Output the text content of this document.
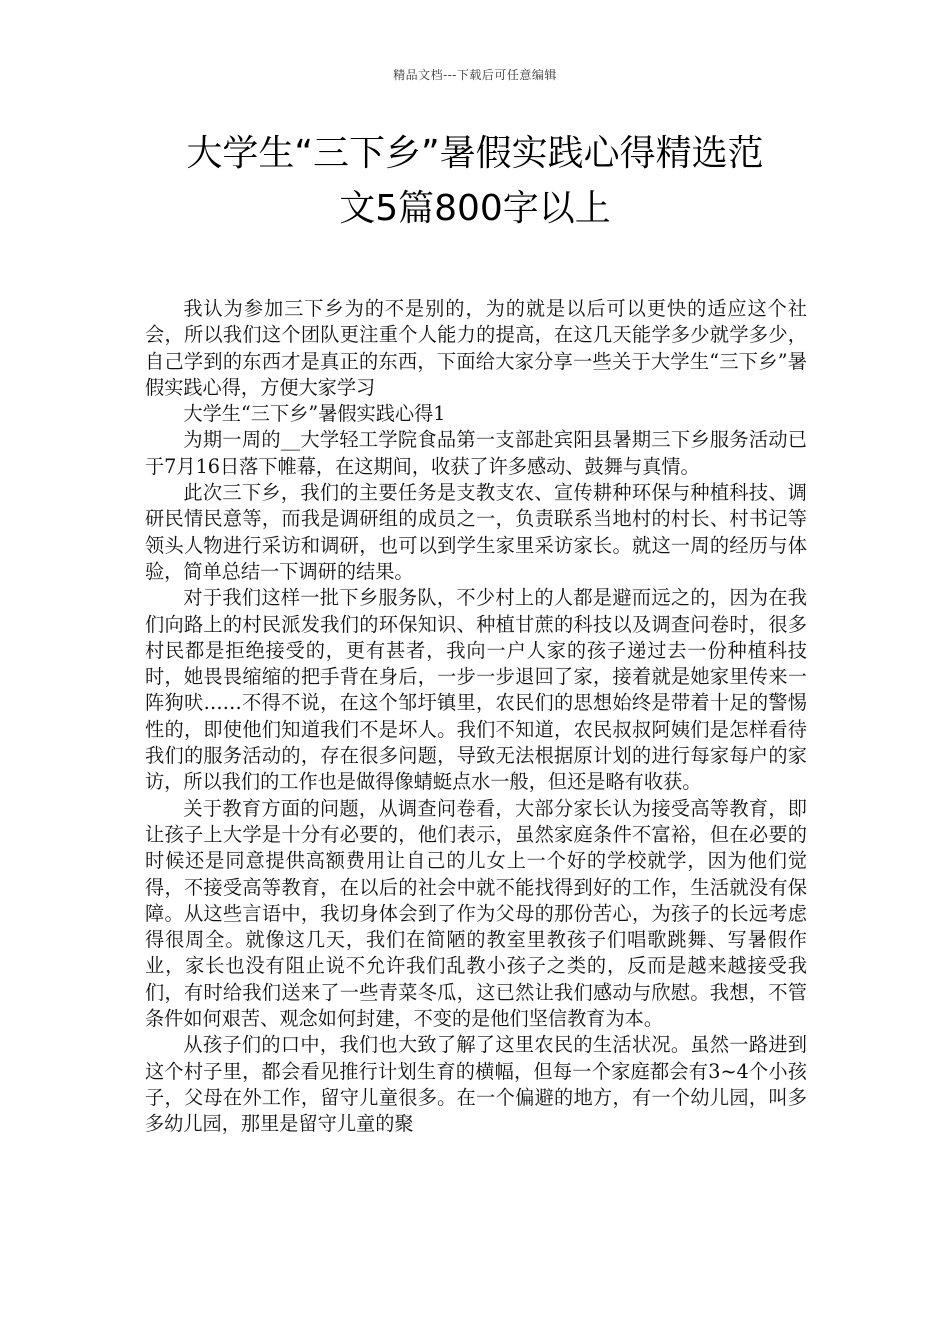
精品文档---下载后可任意编辑
大学生“三下乡”暑假实践心得精选范
文5篇800字以上

我认为参加三下乡为的不是别的，为的就是以后可以更快的适应这个社会，所以我们这个团队更注重个人能力的提高，在这几天能学多少就学多少，自己学到的东西才是真正的东西，下面给大家分享一些关于大学生“三下乡”暑假实践心得，方便大家学习

大学生“三下乡”暑假实践心得1

为期一周的__大学轻工学院食品第一支部赴宾阳县暑期三下乡服务活动已于7月16日落下帷幕，在这期间，收获了许多感动、鼓舞与真情。

此次三下乡，我们的主要任务是支教支农、宣传耕种环保与种植科技、调研民情民意等，而我是调研组的成员之一，负责联系当地村的村长、村书记等领头人物进行采访和调研，也可以到学生家里采访家长。就这一周的经历与体验，简单总结一下调研的结果。

对于我们这样一批下乡服务队，不少村上的人都是避而远之的，因为在我们向路上的村民派发我们的环保知识、种植甘蔗的科技以及调查问卷时，很多村民都是拒绝接受的，更有甚者，我向一户人家的孩子递过去一份种植科技时，她畏畏缩缩的把手背在身后，一步一步退回了家，接着就是她家里传来一阵狗吠……不得不说，在这个邹圩镇里，农民们的思想始终是带着十足的警惕性的，即使他们知道我们不是坏人。我们不知道，农民叔叔阿姨们是怎样看待我们的服务活动的，存在很多问题，导致无法根据原计划的进行每家每户的家访，所以我们的工作也是做得像蜻蜓点水一般，但还是略有收获。

关于教育方面的问题，从调查问卷看，大部分家长认为接受高等教育，即让孩子上大学是十分有必要的，他们表示，虽然家庭条件不富裕，但在必要的时候还是同意提供高额费用让自己的儿女上一个好的学校就学，因为他们觉得，不接受高等教育，在以后的社会中就不能找得到好的工作，生活就没有保障。从这些言语中，我切身体会到了作为父母的那份苦心，为孩子的长远考虑得很周全。就像这几天，我们在简陋的教室里教孩子们唱歌跳舞、写暑假作业，家长也没有阻止说不允许我们乱教小孩子之类的，反而是越来越接受我们，有时给我们送来了一些青菜冬瓜，这已然让我们感动与欣慰。我想，不管条件如何艰苦、观念如何封建，不变的是他们坚信教育为本。

从孩子们的口中，我们也大致了解了这里农民的生活状况。虽然一路进到这个村子里，都会看见推行计划生育的横幅，但每一个家庭都会有3~4个小孩子，父母在外工作，留守儿童很多。在一个偏避的地方，有一个幼儿园，叫多多幼儿园，那里是留守儿童的聚
